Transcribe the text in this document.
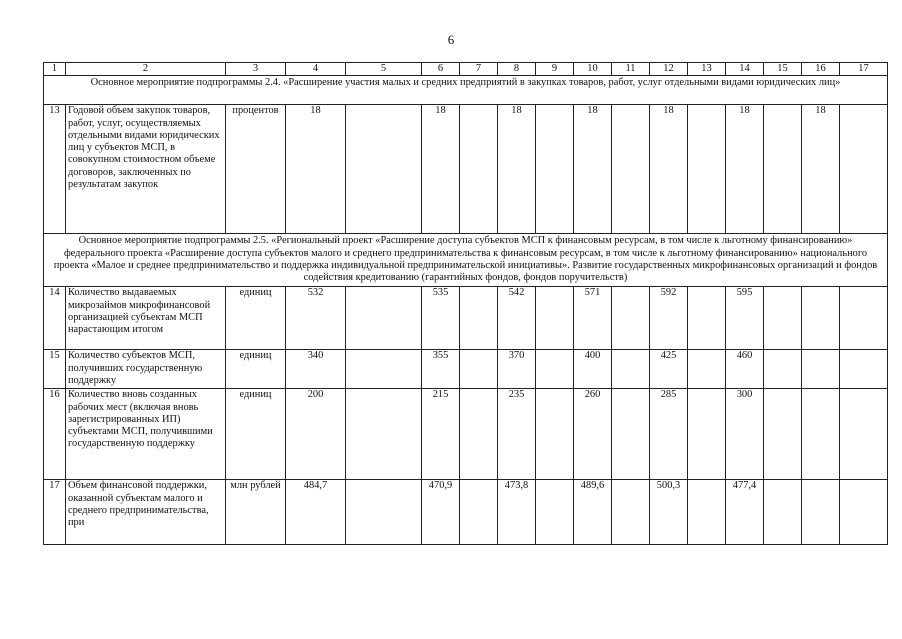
6
1	2	3	4	5	6	7	8	9	10	11	12	13	14	15	16	17
Основное мероприятие подпрограммы 2.4. «Расширение участия малых и средних предприятий в закупках товаров, работ, услуг отдельными видами юридических лиц»																
13	Годовой объем закупок товаров, работ, услуг, осуществляемых отдельными видами юридических лиц у субъектов МСП, в совокупном стоимостном объеме договоров, заключенных по результатам закупок	процентов	18		18		18		18		18		18		18	
Основное мероприятие подпрограммы 2.5. «Региональный проект «Расширение доступа субъектов МСП к финансовым ресурсам, в том числе к льготному финансированию» федерального проекта «Расширение доступа субъектов малого и среднего предпринимательства к финансовым ресурсам, в том числе к льготному финансированию» национального проекта «Малое и среднее предпринимательство и поддержка индивидуальной предпринимательской инициативы». Развитие государственных микрофинансовых организаций и фондов содействия кредитованию (гарантийных фондов, фондов поручительств)																
14	Количество выдаваемых микрозаймов микрофинансовой организацией субъектам МСП нарастающим итогом	единиц	532		535		542		571		592		595			
15	Количество субъектов МСП, получивших государственную поддержку	единиц	340		355		370		400		425		460			
16	Количество вновь созданных рабочих мест (включая вновь зарегистрированных ИП) субъектами МСП, получившими государственную поддержку	единиц	200		215		235		260		285		300			
17	Объем финансовой поддержки, оказанной субъектам малого и среднего предпринимательства, при	млн рублей	484,7		470,9		473,8		489,6		500,3		477,4			
